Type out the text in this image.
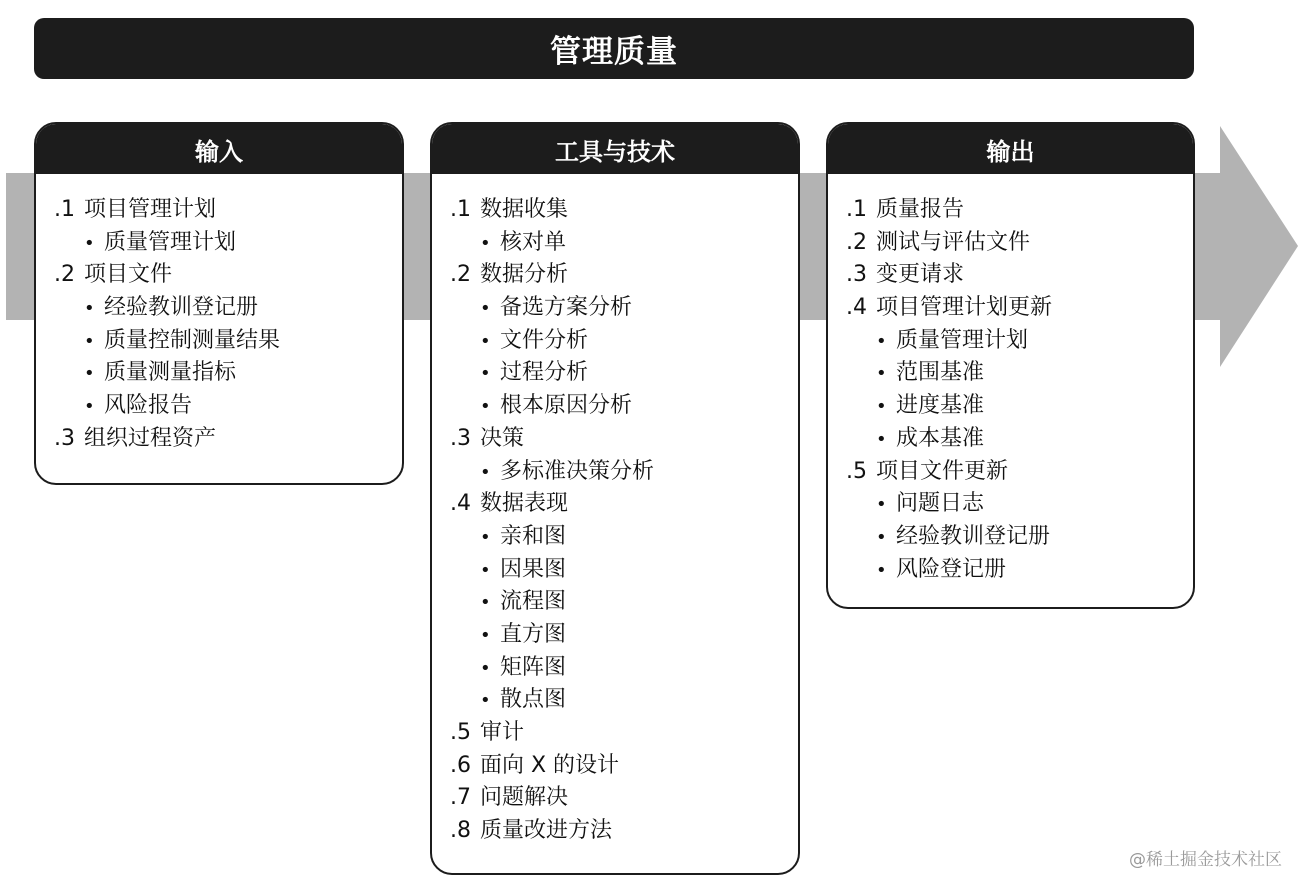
管理质量
输入
.1 项目管理计划
• 质量管理计划
.2 项目文件
• 经验教训登记册
• 质量控制测量结果
• 质量测量指标
• 风险报告
.3 组织过程资产
工具与技术
.1 数据收集
• 核对单
.2 数据分析
• 备选方案分析
• 文件分析
• 过程分析
• 根本原因分析
.3 决策
• 多标准决策分析
.4 数据表现
• 亲和图
• 因果图
• 流程图
• 直方图
• 矩阵图
• 散点图
.5 审计
.6 面向 X 的设计
.7 问题解决
.8 质量改进方法
输出
.1 质量报告
.2 测试与评估文件
.3 变更请求
.4 项目管理计划更新
• 质量管理计划
• 范围基准
• 进度基准
• 成本基准
.5 项目文件更新
• 问题日志
• 经验教训登记册
• 风险登记册
@稀土掘金技术社区
